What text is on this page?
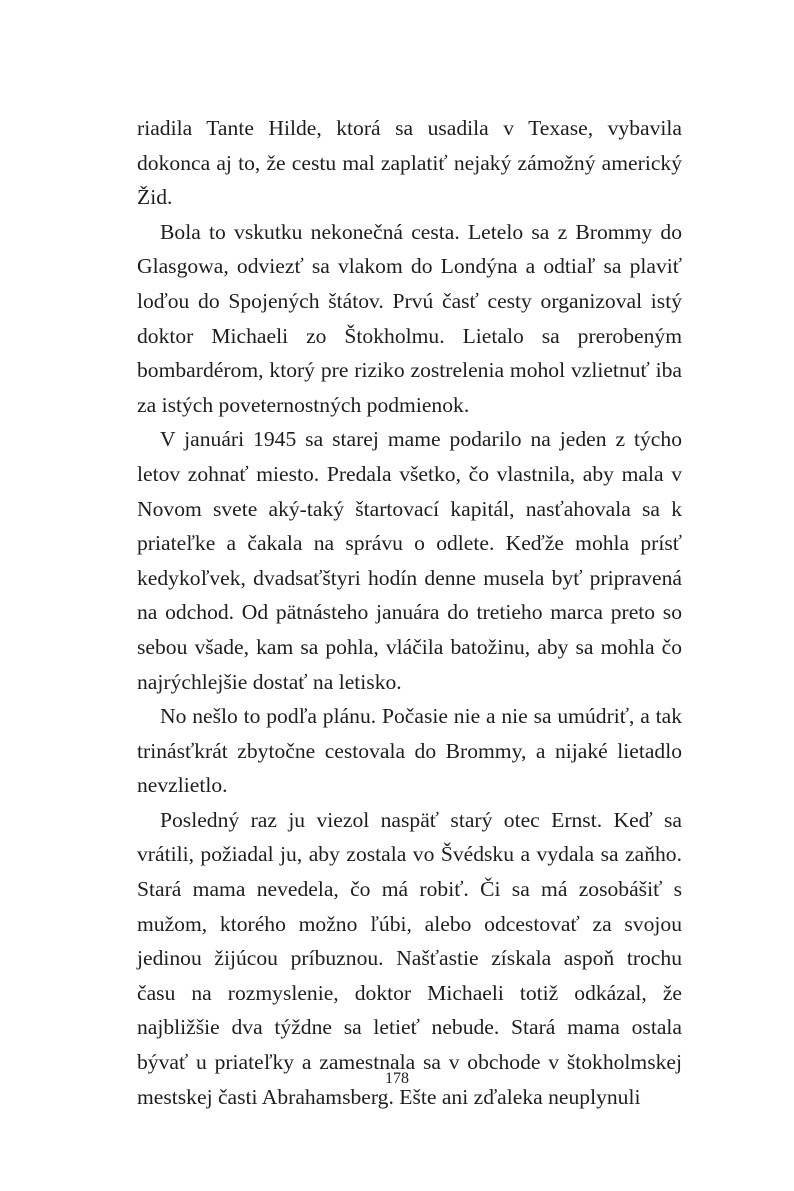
riadila Tante Hilde, ktorá sa usadila v Texase, vybavila dokonca aj to, že cestu mal zaplatiť nejaký zámožný americký Žid.

Bola to vskutku nekonečná cesta. Letelo sa z Brommy do Glasgowa, odviezť sa vlakom do Londýna a odtiaľ sa plaviť loďou do Spojených štátov. Prvú časť cesty organizoval istý doktor Michaeli zo Štokholmu. Lietalo sa prerobeným bombardérom, ktorý pre riziko zostrelenia mohol vzlietnuť iba za istých poveternostných podmienok.

V januári 1945 sa starej mame podarilo na jeden z týcho letov zohnať miesto. Predala všetko, čo vlastnila, aby mala v Novom svete aký-taký štartovací kapitál, nasťahovala sa k priateľke a čakala na správu o odlete. Keďže mohla prísť kedykoľvek, dvadsaťštyri hodín denne musela byť pripravená na odchod. Od pätnásteho januára do tretieho marca preto so sebou všade, kam sa pohla, vláčila batožinu, aby sa mohla čo najrýchlejšie dostať na letisko.

No nešlo to podľa plánu. Počasie nie a nie sa umúdriť, a tak trinásťkrát zbytočne cestovala do Brommy, a nijaké lietadlo nevzlietlo.

Posledný raz ju viezol naspäť starý otec Ernst. Keď sa vrátili, požiadal ju, aby zostala vo Švédsku a vydala sa zaňho. Stará mama nevedela, čo má robiť. Či sa má zosobášiť s mužom, ktorého možno ľúbi, alebo odcestovať za svojou jedinou žijúcou príbuznou. Našťastie získala aspoň trochu času na rozmyslenie, doktor Michaeli totiž odkázal, že najbližšie dva týždne sa letieť nebude. Stará mama ostala bývať u priateľky a zamestnala sa v obchode v štokholmskej mestskej časti Abrahamsberg. Ešte ani zďaleka neuplynuli

178
